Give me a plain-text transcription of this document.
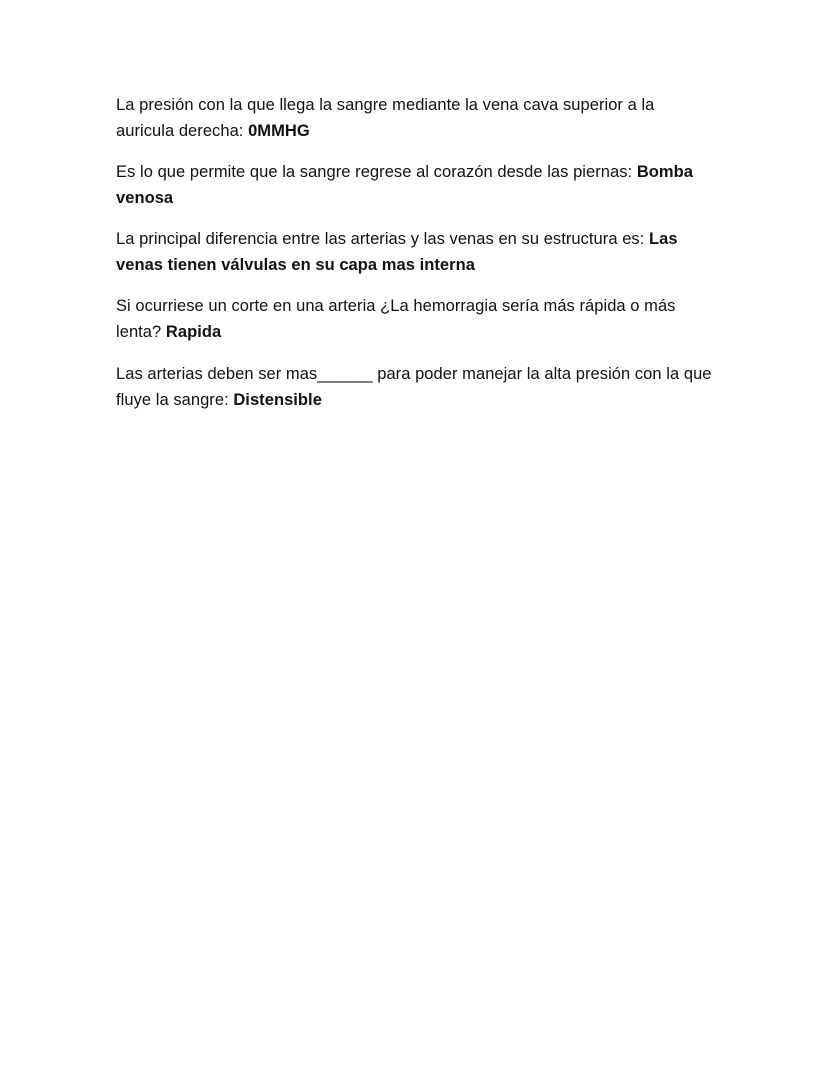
La presión con la que llega la sangre mediante la vena cava superior a la auricula derecha: 0MMHG

Es lo que permite que la sangre regrese al corazón desde las piernas: Bomba venosa

La principal diferencia entre las arterias y las venas en su estructura es: Las venas tienen válvulas en su capa mas interna

Si ocurriese un corte en una arteria ¿La hemorragia sería más rápida o más lenta? Rapida

Las arterias deben ser mas______ para poder manejar la alta presión con la que fluye la sangre: Distensible
